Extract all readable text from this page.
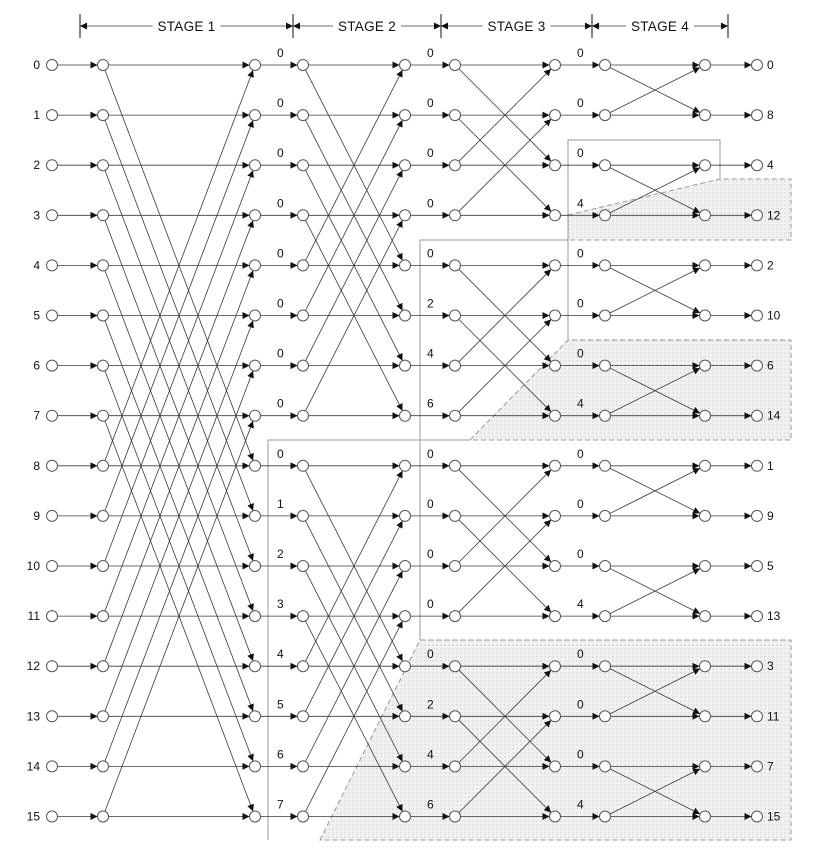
STAGE 1	STAGE 2	STAGE 3	STAGE 4
0
1
2
3
4
5
6
7
8
9
10
11
12
13
14
15
0
8
4
12
2
10
6
14
1
9
5
13
3
11
7
15
0
0
0
0
0
0
0
0
0
1
2
3
4
5
6
7
0
0
0
0
0
2
4
6
0
0
0
0
0
2
4
6
0
0
0
4
0
0
0
4
0
0
0
4
0
0
0
4
